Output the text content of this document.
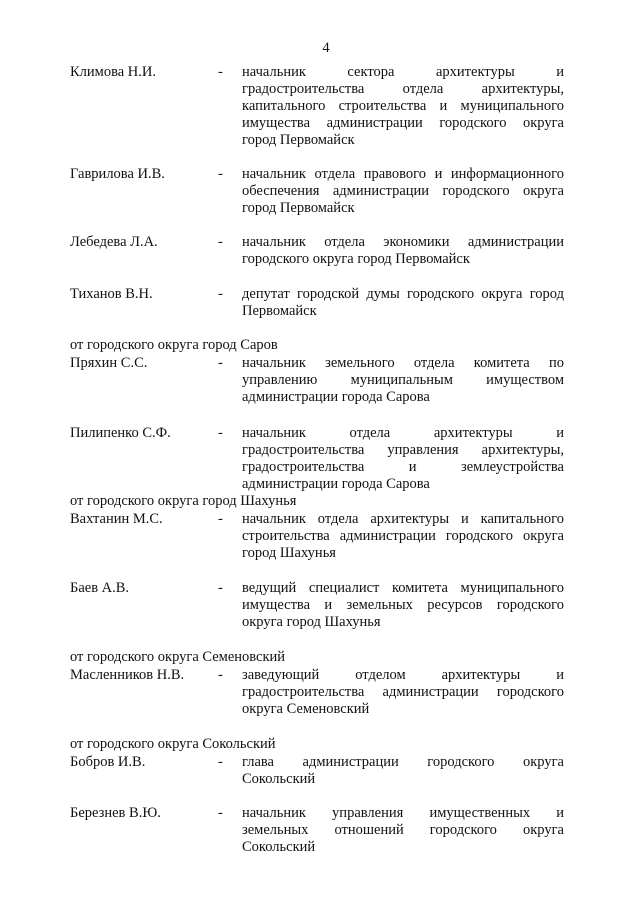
4
Климова Н.И.	- начальник сектора архитектуры и
градостроительства отдела архитектуры,
капитального строительства и муниципального
имущества администрации городского округа
город Первомайск
Гаврилова И.В.	- начальник отдела правового и информационного
обеспечения администрации городского округа
город Первомайск
Лебедева Л.А.	- начальник отдела экономики администрации
городского округа город Первомайск
Тиханов В.Н.	- депутат городской думы городского округа город
Первомайск
от городского округа город Саров
Пряхин С.С.	- начальник земельного отдела комитета по
управлению муниципальным имуществом
администрации города Сарова
Пилипенко С.Ф.	- начальник отдела архитектуры и
градостроительства управления архитектуры,
градостроительства и землеустройства
администрации города Сарова
от городского округа город Шахунья
Вахтанин М.С.	- начальник отдела архитектуры и капитального
строительства администрации городского округа
город Шахунья
Баев А.В.	- ведущий специалист комитета муниципального
имущества и земельных ресурсов городского
округа город Шахунья
от городского округа Семеновский
Масленников Н.В. - заведующий отделом архитектуры и
градостроительства администрации городского
округа Семеновский
от городского округа Сокольский
Бобров И.В.	- глава администрации городского округа
Сокольский
Березнев В.Ю.	- начальник управления имущественных и
земельных отношений городского округа
Сокольский
